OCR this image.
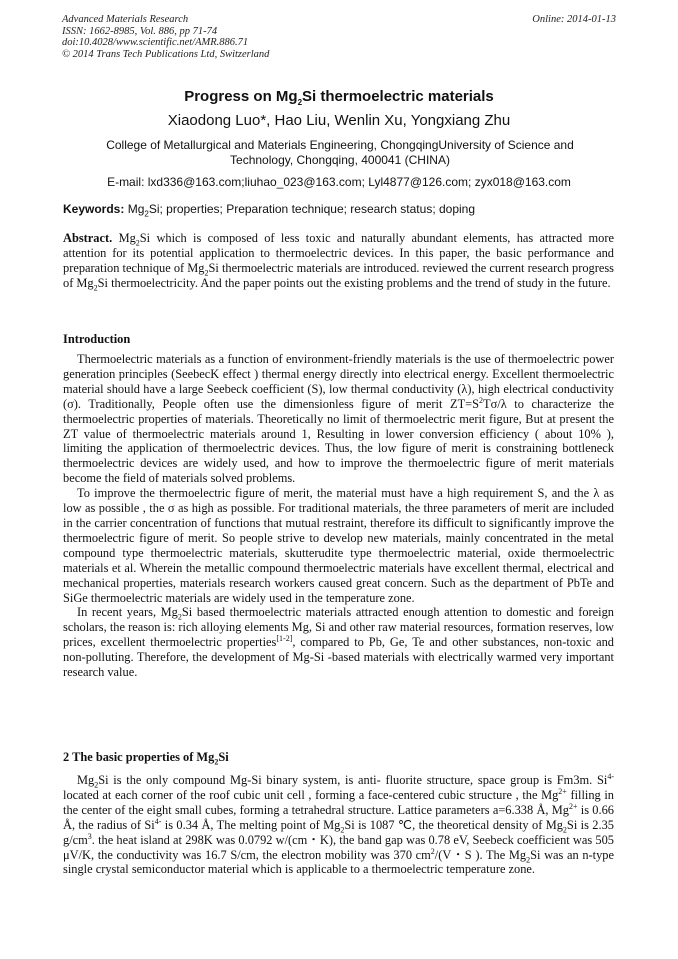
Advanced Materials Research
ISSN: 1662-8985, Vol. 886, pp 71-74
doi:10.4028/www.scientific.net/AMR.886.71
© 2014 Trans Tech Publications Ltd, Switzerland
Online: 2014-01-13
Progress on $Mg_2Si$ thermoelectric materials
Xiaodong Luo*, Hao Liu, Wenlin Xu, Yongxiang Zhu
College of Metallurgical and Materials Engineering, ChongqingUniversity of Science and Technology, Chongqing, 400041 (CHINA)
E-mail: lxd336@163.com;liuhao_023@163.com; Lyl4877@126.com; zyx018@163.com
Keywords: $Mg_2Si$; properties; Preparation technique; research status; doping
Abstract. $Mg_2Si$ which is composed of less toxic and naturally abundant elements, has attracted more attention for its potential application to thermoelectric devices. In this paper, the basic performance and preparation technique of $Mg_2Si$ thermoelectric materials are introduced. reviewed the current research progress of $Mg_2Si$ thermoelectricity. And the paper points out the existing problems and the trend of study in the future.
Introduction

Thermoelectric materials as a function of environment-friendly materials is the use of thermoelectric power generation principles (SeebecK effect ) thermal energy directly into electrical energy. Excellent thermoelectric material should have a large Seebeck coefficient (S), low thermal conductivity (λ), high electrical conductivity (σ). Traditionally, People often use the dimensionless figure of merit $ZT=S^2T\sigma/\lambda$ to characterize the thermoelectric properties of materials. Theoretically no limit of thermoelectric merit figure, But at present the ZT value of thermoelectric materials around 1, Resulting in lower conversion efficiency ( about 10% ), limiting the application of thermoelectric devices. Thus, the low figure of merit is constraining bottleneck thermoelectric devices are widely used, and how to improve the thermoelectric figure of merit materials become the field of materials solved problems.

To improve the thermoelectric figure of merit, the material must have a high requirement S, and the λ as low as possible , the σ as high as possible. For traditional materials, the three parameters of merit are included in the carrier concentration of functions that mutual restraint, therefore its difficult to significantly improve the thermoelectric figure of merit. So people strive to develop new materials, mainly concentrated in the metal compound type thermoelectric materials, skutterudite type thermoelectric material, oxide thermoelectric materials et al. Wherein the metallic compound thermoelectric materials have excellent thermal, electrical and mechanical properties, materials research workers caused great concern. Such as the department of PbTe and SiGe thermoelectric materials are widely used in the temperature zone.

In recent years, $Mg_2Si$ based thermoelectric materials attracted enough attention to domestic and foreign scholars, the reason is: rich alloying elements Mg, Si and other raw material resources, formation reserves, low prices, excellent thermoelectric properties[1-2], compared to Pb, Ge, Te and other substances, non-toxic and non-polluting. Therefore, the development of Mg-Si -based materials with electrically warmed very important research value.

2 The basic properties of $Mg_2Si$

$Mg_2Si$ is the only compound Mg-Si binary system, is anti- fluorite structure, space group is Fm3m. $Si^{4-}$ located at each corner of the roof cubic unit cell , forming a face-centered cubic structure , the $Mg^{2+}$ filling in the center of the eight small cubes, forming a tetrahedral structure. Lattice parameters a=6.338 Å, $Mg^{2+}$ is 0.66 Å, the radius of $Si^{4-}$ is 0.34 Å, The melting point of $Mg_2Si$ is 1087 ℃, the theoretical density of $Mg_2Si$ is 2.35 $g/cm^3$. the heat island at 298K was 0.0792 w/(cm・K), the band gap was 0.78 eV, Seebeck coefficient was 505 μV/K, the conductivity was 16.7 S/cm, the electron mobility was 370 $cm^2/(V$・S ). The $Mg_2Si$ was an n-type single crystal semiconductor material which is applicable to a thermoelectric temperature zone.
